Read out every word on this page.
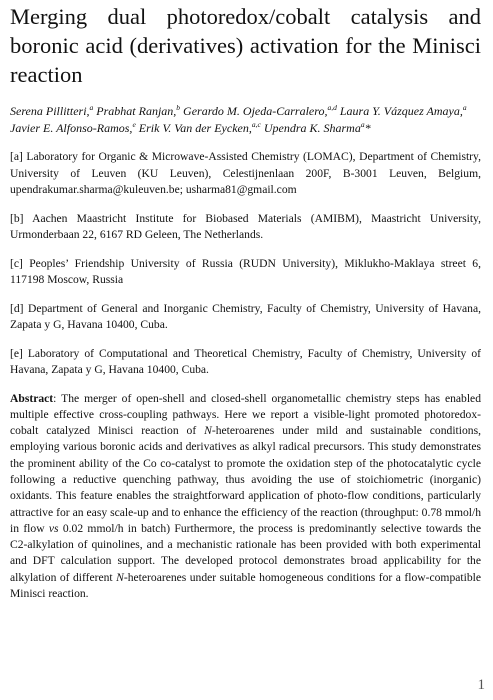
Merging dual photoredox/cobalt catalysis and boronic acid (derivatives) activation for the Minisci reaction

Serena Pillitteri,$^a$ Prabhat Ranjan,$^b$ Gerardo M. Ojeda-Carralero,$^{a,d}$ Laura Y. Vázquez Amaya,$^a$ Javier E. Alfonso-Ramos,$^e$ Erik V. Van der Eycken,$^{a,c}$ Upendra K. Sharma$^a$*

[a] Laboratory for Organic & Microwave-Assisted Chemistry (LOMAC), Department of Chemistry, University of Leuven (KU Leuven), Celestijnenlaan 200F, B-3001 Leuven, Belgium, upendrakumar.sharma@kuleuven.be; usharma81@gmail.com

[b] Aachen Maastricht Institute for Biobased Materials (AMIBM), Maastricht University, Urmonderbaan 22, 6167 RD Geleen, The Netherlands.

[c] Peoples’ Friendship University of Russia (RUDN University), Miklukho-Maklaya street 6, 117198 Moscow, Russia

[d] Department of General and Inorganic Chemistry, Faculty of Chemistry, University of Havana, Zapata y G, Havana 10400, Cuba.

[e] Laboratory of Computational and Theoretical Chemistry, Faculty of Chemistry, University of Havana, Zapata y G, Havana 10400, Cuba.

Abstract: The merger of open-shell and closed-shell organometallic chemistry steps has enabled multiple effective cross-coupling pathways. Here we report a visible-light promoted photoredox-cobalt catalyzed Minisci reaction of N-heteroarenes under mild and sustainable conditions, employing various boronic acids and derivatives as alkyl radical precursors. This study demonstrates the prominent ability of the Co co-catalyst to promote the oxidation step of the photocatalytic cycle following a reductive quenching pathway, thus avoiding the use of stoichiometric (inorganic) oxidants. This feature enables the straightforward application of photo-flow conditions, particularly attractive for an easy scale-up and to enhance the efficiency of the reaction (throughput: 0.78 mmol/h in flow vs 0.02 mmol/h in batch) Furthermore, the process is predominantly selective towards the C2-alkylation of quinolines, and a mechanistic rationale has been provided with both experimental and DFT calculation support. The developed protocol demonstrates broad applicability for the alkylation of different N-heteroarenes under suitable homogeneous conditions for a flow-compatible Minisci reaction.

1
